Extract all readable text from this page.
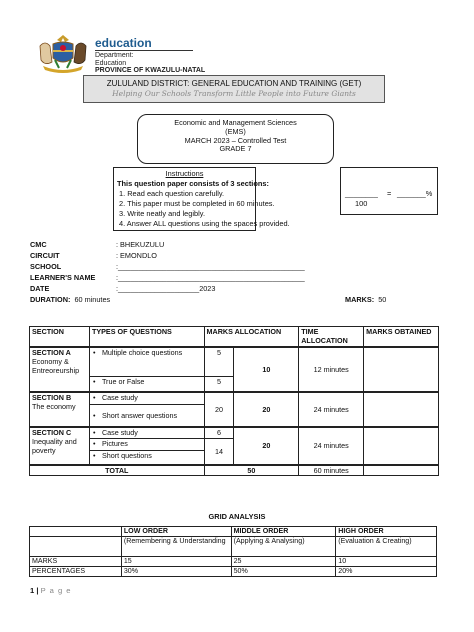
education
Department:
Education
PROVINCE OF KWAZULU-NATAL
ZULULAND DISTRICT: GENERAL EDUCATION AND TRAINING (GET)
Helping Our Schools Transform Little People into Future Giants
Economic and Management Sciences
(EMS)
MARCH 2023 – Controlled Test
GRADE 7
Instructions
This question paper consists of 3 sections:
1. Read each question carefully.
2. This paper must be completed in 60 minutes.
3. Write neatly and legibly.
4. Answer ALL questions using the spaces provided.
________ = _______%
100
CMC	: BHEKUZULU
CIRCUIT	: EMONDLO
SCHOOL	:______________________________________________
LEARNER'S NAME	:______________________________________________
DATE	:____________________2023
DURATION: 60 minutes	MARKS: 50
SECTION	TYPES OF QUESTIONS	MARKS ALLOCATION		TIME ALLOCATION	MARKS OBTAINED

SECTION A
Economy & Entreoreurship	• Multiple choice questions	5	10	12 minutes	

	• True or False	5			

SECTION B
The economy	• Case study	20	20	24 minutes	

	• Short answer questions

SECTION C
Inequality and poverty	• Case study	6	20	24 minutes	

	• Pictures	14			

	• Short questions

TOTAL		50		60 minutes	
GRID ANALYSIS
	LOW ORDER	MIDDLE ORDER	HIGH ORDER
	(Remembering & Understanding	(Applying & Analysing)	(Evaluation & Creating)
MARKS	15	25	10
PERCENTAGES	30%	50%	20%
1 | P a g e
